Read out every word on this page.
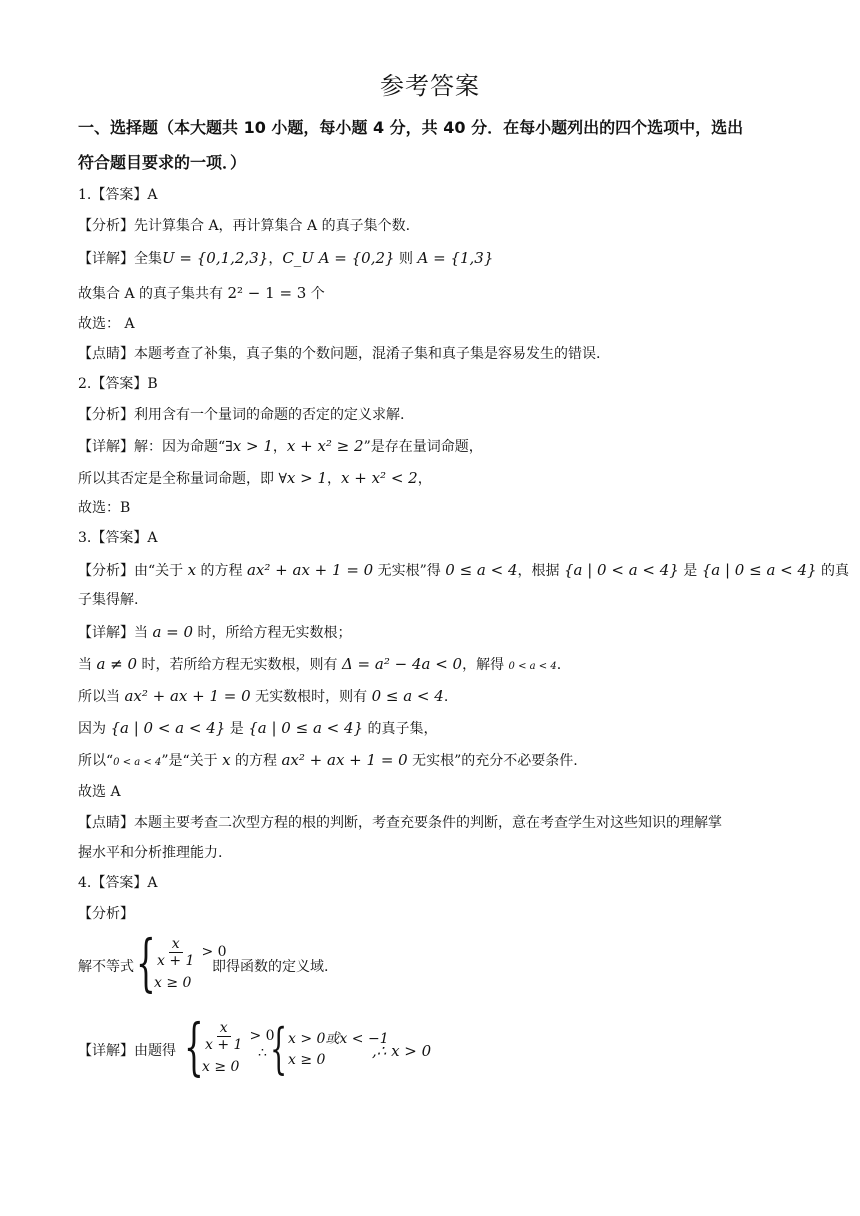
参考答案
一、选择题（本大题共 10 小题，每小题 4 分，共 40 分．在每小题列出的四个选项中，选出
符合题目要求的一项．）
1.【答案】A
【分析】先计算集合 A，再计算集合 A 的真子集个数.
【详解】全集U = {0,1,2,3}，C_U A = {0,2} 则 A = {1,3}
故集合 A 的真子集共有 2² − 1 = 3 个
故选： A
【点睛】本题考查了补集，真子集的个数问题，混淆子集和真子集是容易发生的错误.
2.【答案】B
【分析】利用含有一个量词的命题的否定的定义求解.
【详解】解：因为命题“∃x > 1，x + x² ≥ 2”是存在量词命题，
所以其否定是全称量词命题，即 ∀x > 1，x + x² < 2，
故选：B
3.【答案】A
【分析】由“关于 x 的方程 ax² + ax + 1 = 0 无实根”得 0 ≤ a < 4，根据 {a | 0 < a < 4} 是 {a | 0 ≤ a < 4} 的真
子集得解.
【详解】当 a = 0 时，所给方程无实数根；
当 a ≠ 0 时，若所给方程无实数根，则有 Δ = a² − 4a < 0，解得 0 < a < 4.
所以当 ax² + ax + 1 = 0 无实数根时，则有 0 ≤ a < 4.
因为 {a | 0 < a < 4} 是 {a | 0 ≤ a < 4} 的真子集，
所以“0 < a < 4”是“关于 x 的方程 ax² + ax + 1 = 0 无实根”的充分不必要条件.
故选 A
【点睛】本题主要考查二次型方程的根的判断，考查充要条件的判断，意在考查学生对这些知识的理解掌
握水平和分析推理能力.
4.【答案】A
【分析】
解不等式 {
$\frac{x}{x + 1} > 0$
x ≥ 0
即得函数的定义域.
【详解】由题得 {
$\frac{x}{x + 1} > 0$
x ≥ 0
∴ { x > 0或x < −1
x ≥ 0	,∴ x > 0
